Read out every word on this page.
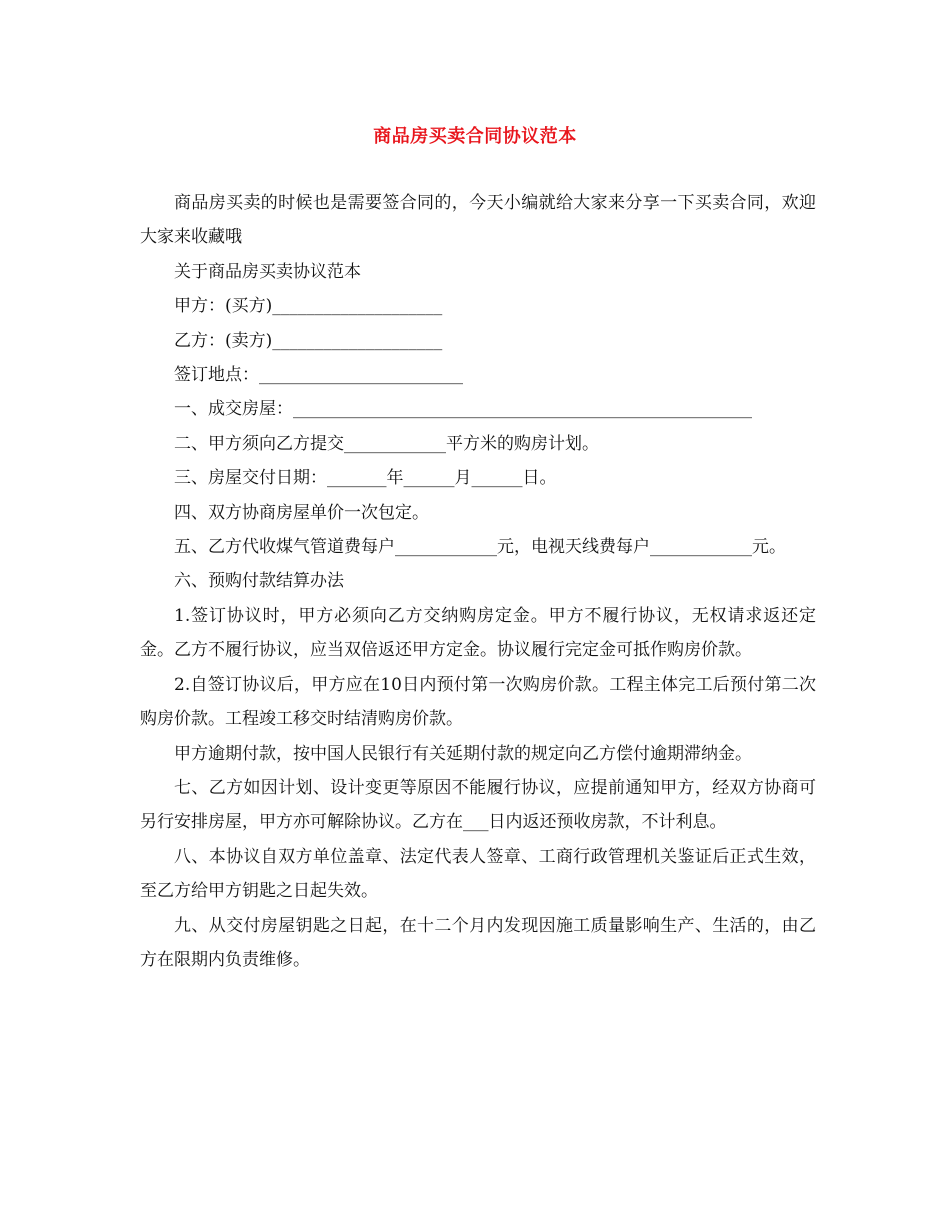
商品房买卖合同协议范本

商品房买卖的时候也是需要签合同的，今天小编就给大家来分享一下买卖合同，欢迎大家来收藏哦

关于商品房买卖协议范本

甲方：(买方)____________________

乙方：(卖方)____________________

签订地点：________________________

一、成交房屋：______________________________________________________

二、甲方须向乙方提交____________平方米的购房计划。

三、房屋交付日期：_______年______月______日。

四、双方协商房屋单价一次包定。

五、乙方代收煤气管道费每户____________元，电视天线费每户____________元。

六、预购付款结算办法

1.签订协议时，甲方必须向乙方交纳购房定金。甲方不履行协议，无权请求返还定金。乙方不履行协议，应当双倍返还甲方定金。协议履行完定金可抵作购房价款。

2.自签订协议后，甲方应在10日内预付第一次购房价款。工程主体完工后预付第二次购房价款。工程竣工移交时结清购房价款。

甲方逾期付款，按中国人民银行有关延期付款的规定向乙方偿付逾期滞纳金。

七、乙方如因计划、设计变更等原因不能履行协议，应提前通知甲方，经双方协商可另行安排房屋，甲方亦可解除协议。乙方在___日内返还预收房款，不计利息。

八、本协议自双方单位盖章、法定代表人签章、工商行政管理机关鉴证后正式生效，至乙方给甲方钥匙之日起失效。

九、从交付房屋钥匙之日起，在十二个月内发现因施工质量影响生产、生活的，由乙方在限期内负责维修。
